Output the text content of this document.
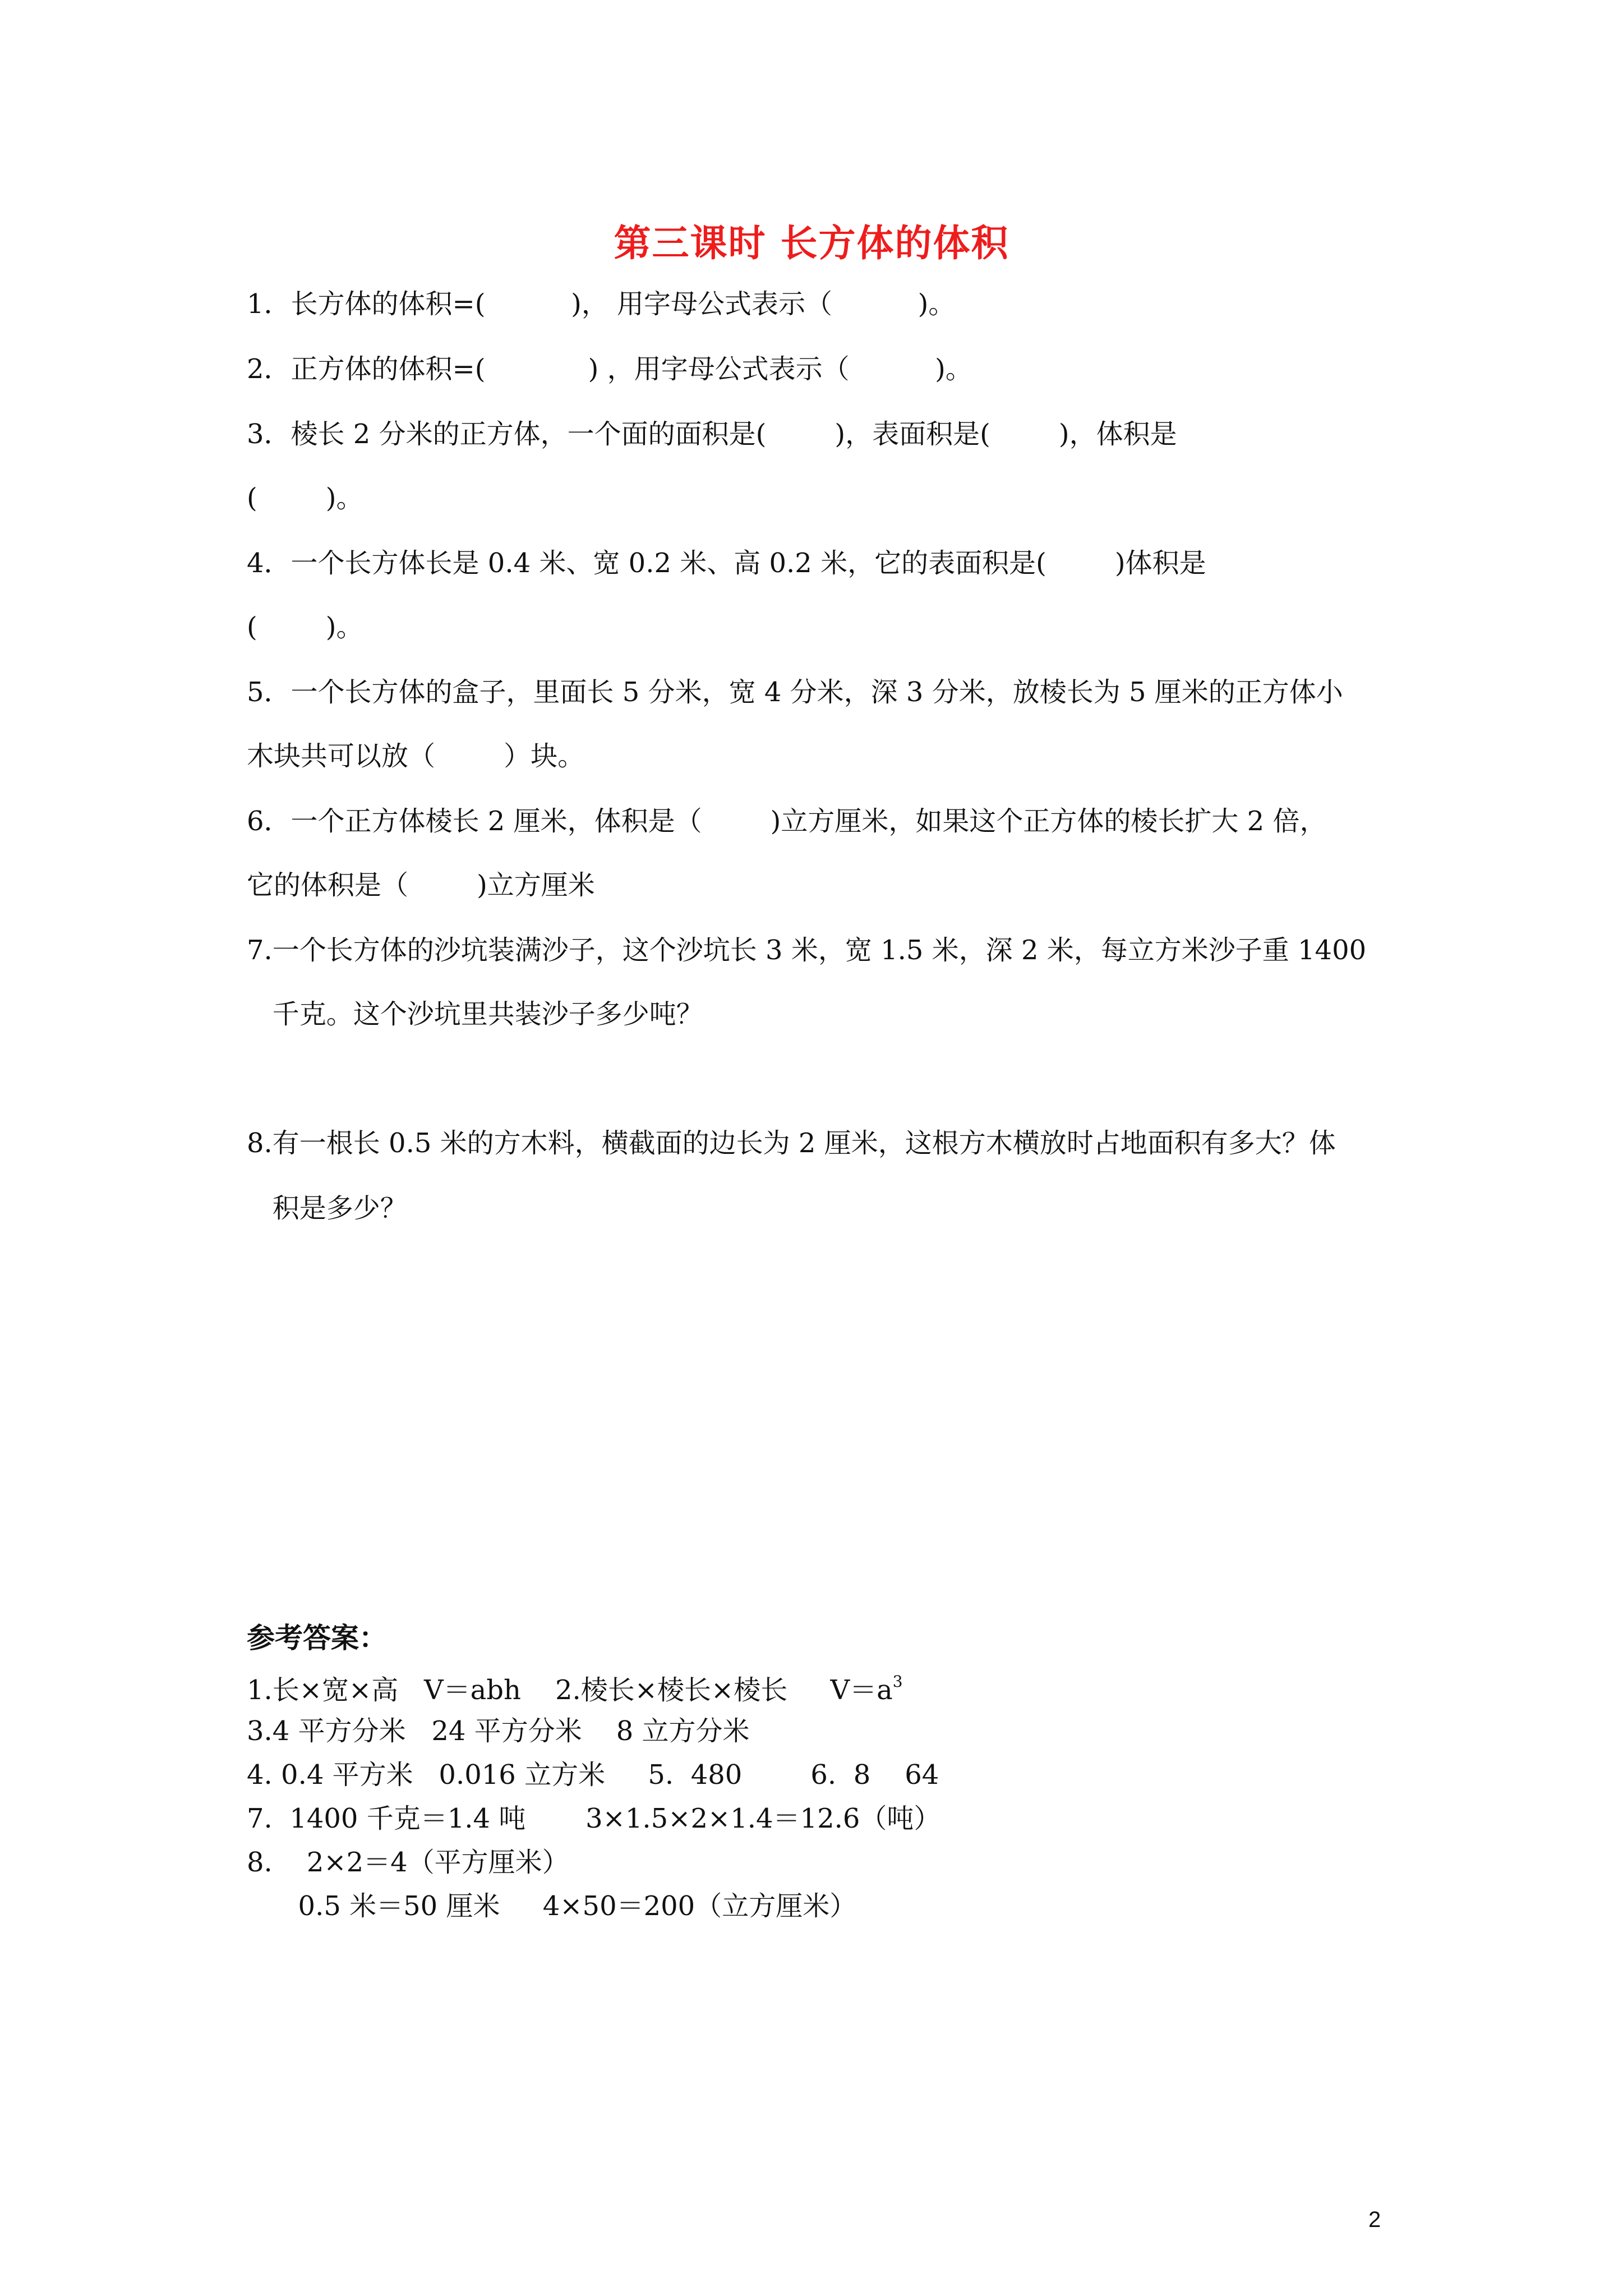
第三课时 长方体的体积
1．长方体的体积=(          )， 用字母公式表示（          )。
2．正方体的体积=(            ) ，用字母公式表示（          )。
3．棱长 2 分米的正方体，一个面的面积是(        )，表面积是(        )，体积是
(        )。
4．一个长方体长是 0.4 米、宽 0.2 米、高 0.2 米，它的表面积是(        )体积是
(        )。
5．一个长方体的盒子，里面长 5 分米，宽 4 分米，深 3 分米，放棱长为 5 厘米的正方体小
木块共可以放（        ）块。
6．一个正方体棱长 2 厘米，体积是（        )立方厘米，如果这个正方体的棱长扩大 2 倍，
它的体积是（        )立方厘米
7.一个长方体的沙坑装满沙子，这个沙坑长 3 米，宽 1.5 米，深 2 米，每立方米沙子重 1400
千克。这个沙坑里共装沙子多少吨？
8.有一根长 0.5 米的方木料，横截面的边长为 2 厘米，这根方木横放时占地面积有多大？体
积是多少？
参考答案：
1.长×宽×高   V＝abh    2.棱长×棱长×棱长     $V=a^3$
3.4 平方分米   24 平方分米    8 立方分米
4. 0.4 平方米   0.016 立方米     5.  480        6.  8    64
7.  1400 千克＝1.4 吨       3×1.5×2×1.4＝12.6（吨）
8.    2×2＝4（平方厘米）
0.5 米＝50 厘米     4×50＝200（立方厘米）
2
